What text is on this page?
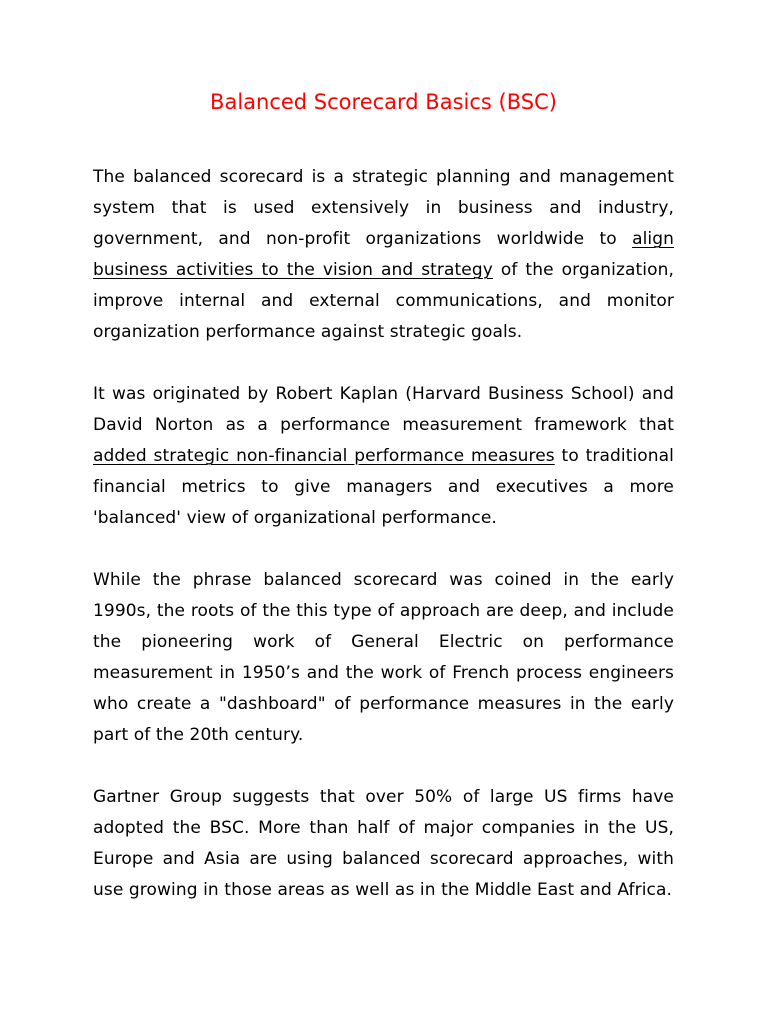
Balanced Scorecard Basics (BSC)

The balanced scorecard is a strategic planning and management system that is used extensively in business and industry, government, and non-profit organizations worldwide to align business activities to the vision and strategy of the organization, improve internal and external communications, and monitor organization performance against strategic goals.

It was originated by Robert Kaplan (Harvard Business School) and David Norton as a performance measurement framework that added strategic non-financial performance measures to traditional financial metrics to give managers and executives a more 'balanced' view of organizational performance.

While the phrase balanced scorecard was coined in the early 1990s, the roots of the this type of approach are deep, and include the pioneering work of General Electric on performance measurement in 1950’s and the work of French process engineers who create a "dashboard" of performance measures in the early part of the 20th century.

Gartner Group suggests that over 50% of large US firms have adopted the BSC. More than half of major companies in the US, Europe and Asia are using balanced scorecard approaches, with use growing in those areas as well as in the Middle East and Africa.
